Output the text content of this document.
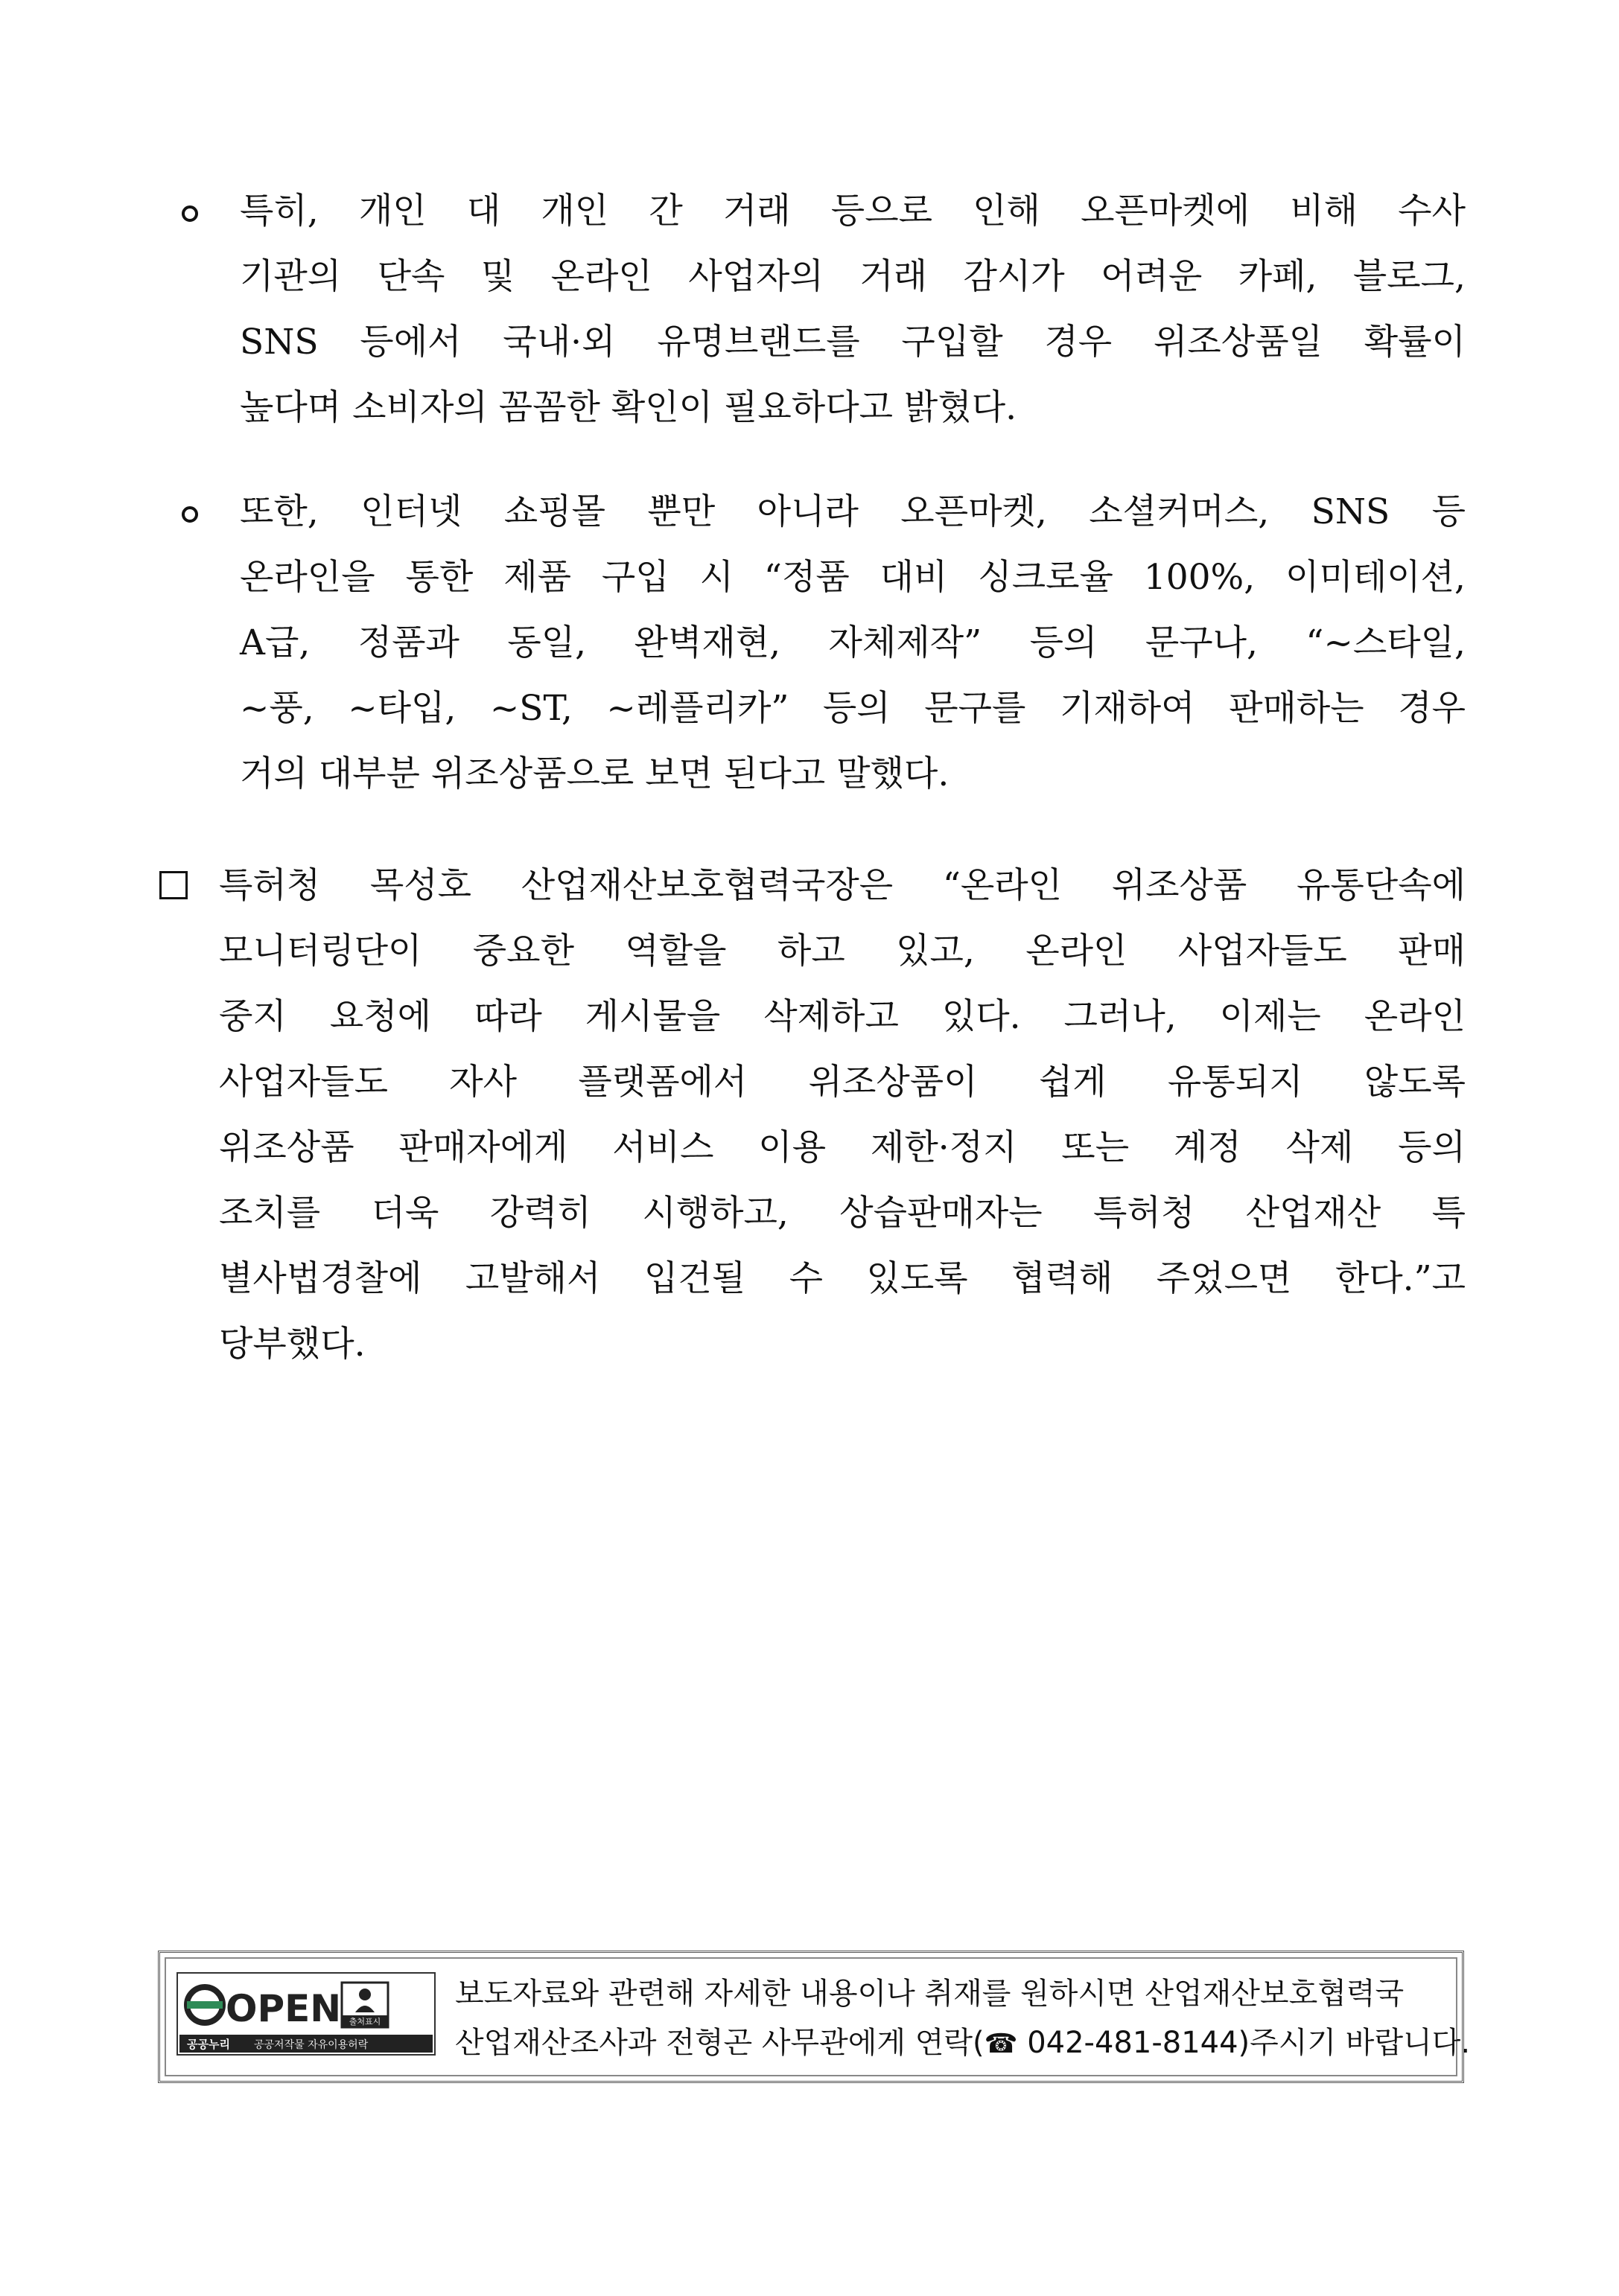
특히, 개인 대 개인 간 거래 등으로 인해 오픈마켓에 비해 수사
기관의 단속 및 온라인 사업자의 거래 감시가 어려운 카페, 블로그,
SNS 등에서 국내·외 유명브랜드를 구입할 경우 위조상품일 확률이
높다며 소비자의 꼼꼼한 확인이 필요하다고 밝혔다.
또한, 인터넷 쇼핑몰 뿐만 아니라 오픈마켓, 소셜커머스, SNS 등
온라인을 통한 제품 구입 시 “정품 대비 싱크로율 100%, 이미테이션,
A급, 정품과 동일, 완벽재현, 자체제작” 등의 문구나, “~스타일,
~풍, ~타입, ~ST, ~레플리카” 등의 문구를 기재하여 판매하는 경우
거의 대부분 위조상품으로 보면 된다고 말했다.
특허청 목성호 산업재산보호협력국장은 “온라인 위조상품 유통단속에
모니터링단이 중요한 역할을 하고 있고, 온라인 사업자들도 판매
중지 요청에 따라 게시물을 삭제하고 있다. 그러나, 이제는 온라인
사업자들도 자사 플랫폼에서 위조상품이 쉽게 유통되지 않도록
위조상품 판매자에게 서비스 이용 제한·정지 또는 계정 삭제 등의
조치를 더욱 강력히 시행하고, 상습판매자는 특허청 산업재산 특
별사법경찰에 고발해서 입건될 수 있도록 협력해 주었으면 한다.”고
당부했다.
OPEN 출처표시
공공누리 공공저작물 자유이용허락
보도자료와 관련해 자세한 내용이나 취재를 원하시면 산업재산보호협력국
산업재산조사과 전형곤 사무관에게 연락(☎ 042-481-8144)주시기 바랍니다.
